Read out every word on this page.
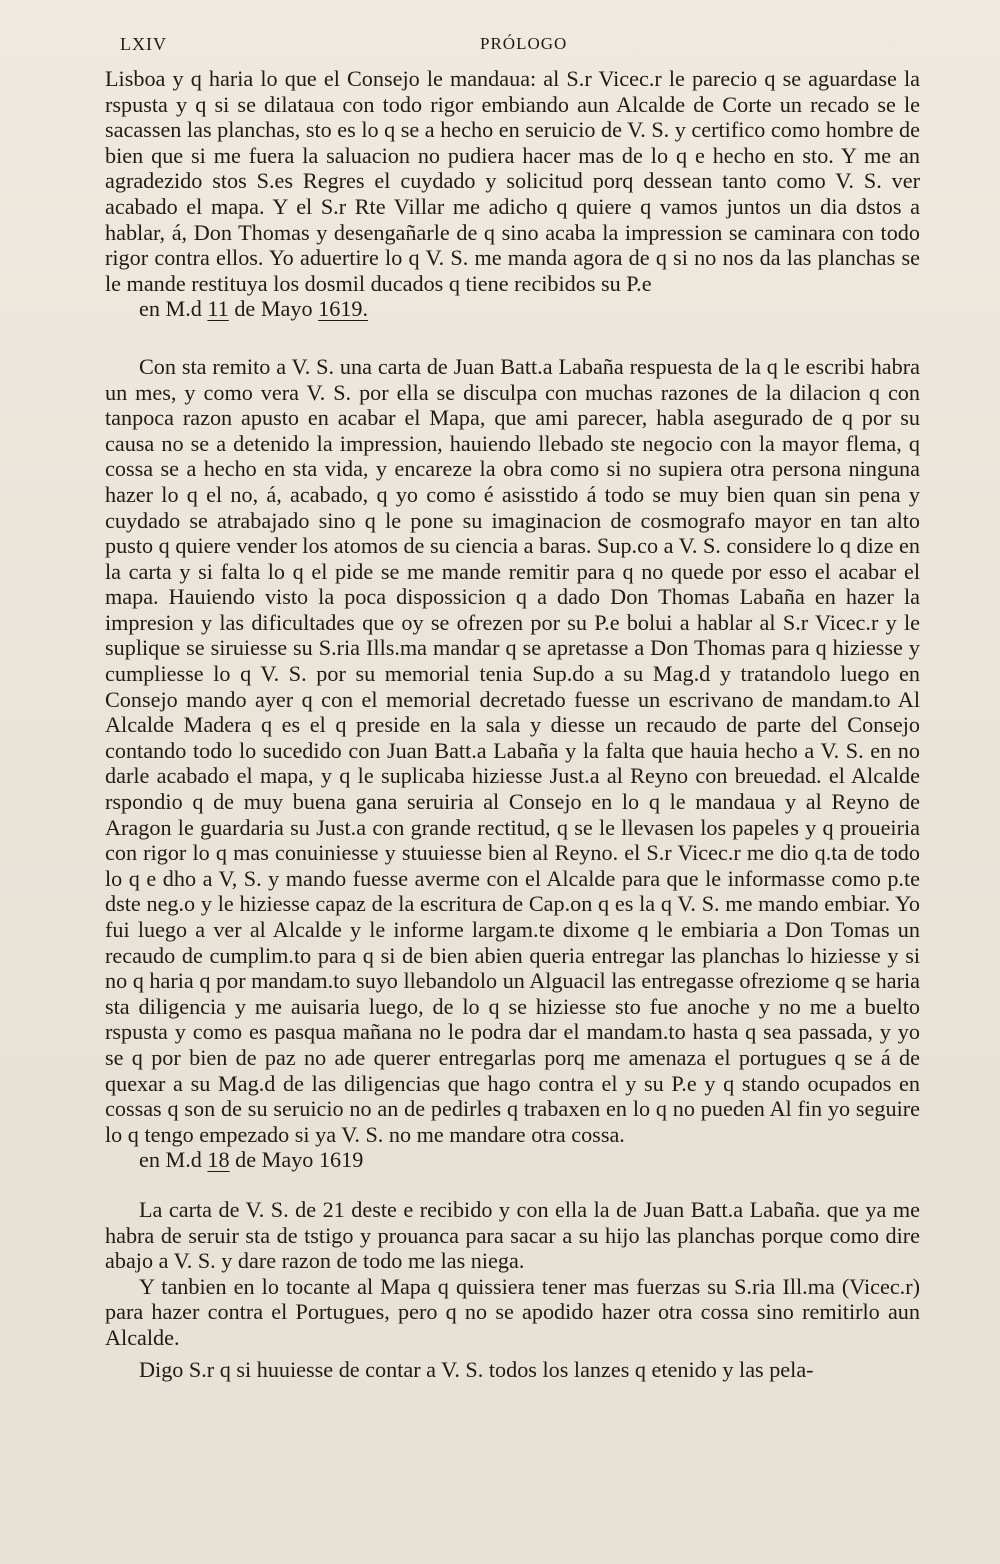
LXIV	PRÓLOGO

Lisboa y q haria lo que el Consejo le mandaua: al S.r Vicec.r le parecio q se aguardase la rspusta y q si se dilataua con todo rigor embiando aun Alcalde de Corte un recado se le sacassen las planchas, sto es lo q se a hecho en seruicio de V. S. y certifico como hombre de bien que si me fuera la saluacion no pudiera hacer mas de lo q e hecho en sto. Y me an agradezido stos S.es Regres el cuydado y solicitud porq dessean tanto como V. S. ver acabado el mapa. Y el S.r Rte Villar me adicho q quiere q vamos juntos un dia dstos a hablar, á, Don Thomas y desengañarle de q sino acaba la impression se caminara con todo rigor contra ellos. Yo aduertire lo q V. S. me manda agora de q si no nos da las planchas se le mande restituya los dosmil ducados q tiene recibidos su P.e

en M.d 11 de Mayo 1619.

Con sta remito a V. S. una carta de Juan Batt.a Labaña respuesta de la q le escribi habra un mes, y como vera V. S. por ella se disculpa con muchas razones de la dilacion q con tanpoca razon apusto en acabar el Mapa, que ami parecer, habla asegurado de q por su causa no se a detenido la impression, hauiendo llebado ste negocio con la mayor flema, q cossa se a hecho en sta vida, y encareze la obra como si no supiera otra persona ninguna hazer lo q el no, á, acabado, q yo como é asisstido á todo se muy bien quan sin pena y cuydado se atrabajado sino q le pone su imaginacion de cosmografo mayor en tan alto pusto q quiere vender los atomos de su ciencia a baras. Sup.co a V. S. considere lo q dize en la carta y si falta lo q el pide se me mande remitir para q no quede por esso el acabar el mapa. Hauiendo visto la poca dispossicion q a dado Don Thomas Labaña en hazer la impresion y las dificultades que oy se ofrezen por su P.e bolui a hablar al S.r Vicec.r y le suplique se siruiesse su S.ria Ills.ma mandar q se apretasse a Don Thomas para q hiziesse y cumpliesse lo q V. S. por su memorial tenia Sup.do a su Mag.d y tratandolo luego en Consejo mando ayer q con el memorial decretado fuesse un escrivano de mandam.to Al Alcalde Madera q es el q preside en la sala y diesse un recaudo de parte del Consejo contando todo lo sucedido con Juan Batt.a Labaña y la falta que hauia hecho a V. S. en no darle acabado el mapa, y q le suplicaba hiziesse Just.a al Reyno con breuedad. el Alcalde rspondio q de muy buena gana seruiria al Consejo en lo q le mandaua y al Reyno de Aragon le guardaria su Just.a con grande rectitud, q se le llevasen los papeles y q proueiria con rigor lo q mas conuiniesse y stuuiesse bien al Reyno. el S.r Vicec.r me dio q.ta de todo lo q e dho a V, S. y mando fuesse averme con el Alcalde para que le informasse como p.te dste neg.o y le hiziesse capaz de la escritura de Cap.on q es la q V. S. me mando embiar. Yo fui luego a ver al Alcalde y le informe largam.te dixome q le embiaria a Don Tomas un recaudo de cumplim.to para q si de bien abien queria entregar las planchas lo hiziesse y si no q haria q por mandam.to suyo llebandolo un Alguacil las entregasse ofreziome q se haria sta diligencia y me auisaria luego, de lo q se hiziesse sto fue anoche y no me a buelto rspusta y como es pasqua mañana no le podra dar el mandam.to hasta q sea passada, y yo se q por bien de paz no ade querer entregarlas porq me amenaza el portugues q se á de quexar a su Mag.d de las diligencias que hago contra el y su P.e y q stando ocupados en cossas q son de su seruicio no an de pedirles q trabaxen en lo q no pueden Al fin yo seguire lo q tengo empezado si ya V. S. no me mandare otra cossa.

en M.d 18 de Mayo 1619

La carta de V. S. de 21 deste e recibido y con ella la de Juan Batt.a Labaña. que ya me habra de seruir sta de tstigo y prouanca para sacar a su hijo las planchas porque como dire abajo a V. S. y dare razon de todo me las niega.

Y tanbien en lo tocante al Mapa q quissiera tener mas fuerzas su S.ria Ill.ma (Vicec.r) para hazer contra el Portugues, pero q no se apodido hazer otra cossa sino remitirlo aun Alcalde.

Digo S.r q si huuiesse de contar a V. S. todos los lanzes q etenido y las pela-
